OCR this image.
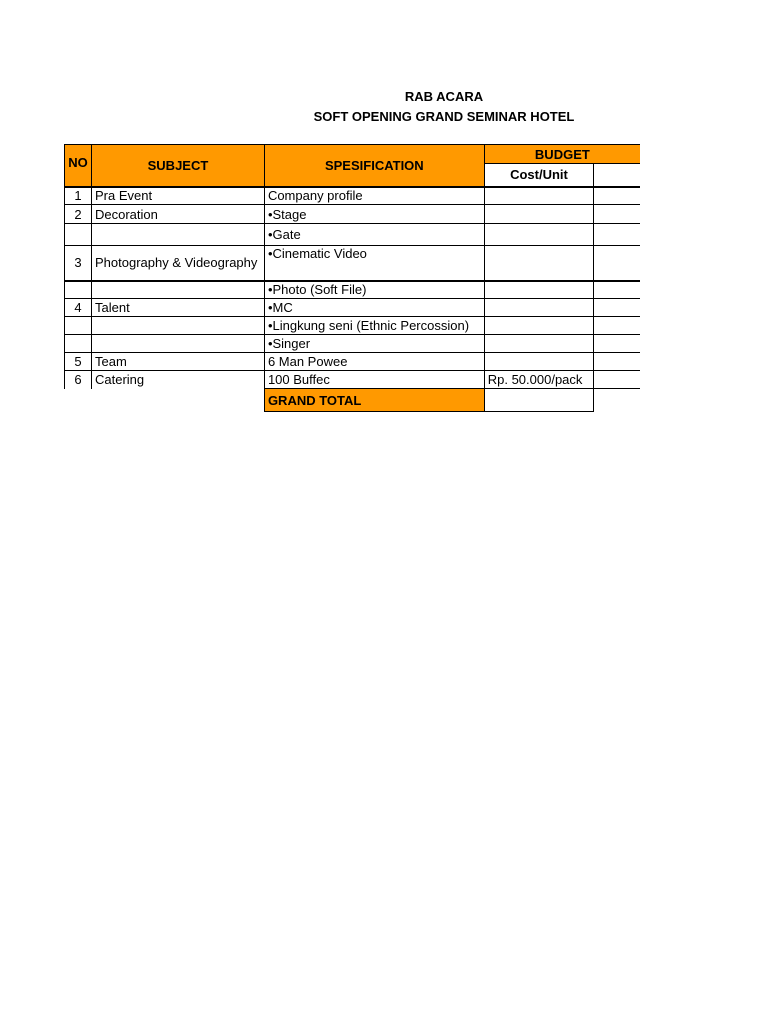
RAB ACARA
SOFT OPENING GRAND SEMINAR HOTEL
NO	SUBJECT	SPESIFICATION	BUDGET	
			Cost/Unit	
1	Pra Event	Company profile		
2	Decoration	•Stage		
		•Gate		
3	Photography & Videography	•Cinematic Video		
		•Photo (Soft File)		
4	Talent	•MC		
		•Lingkung seni (Ethnic Percossion)		
		•Singer		
5	Team	6 Man Powee		
6	Catering	100 Buffec	Rp. 50.000/pack	
		GRAND TOTAL		
